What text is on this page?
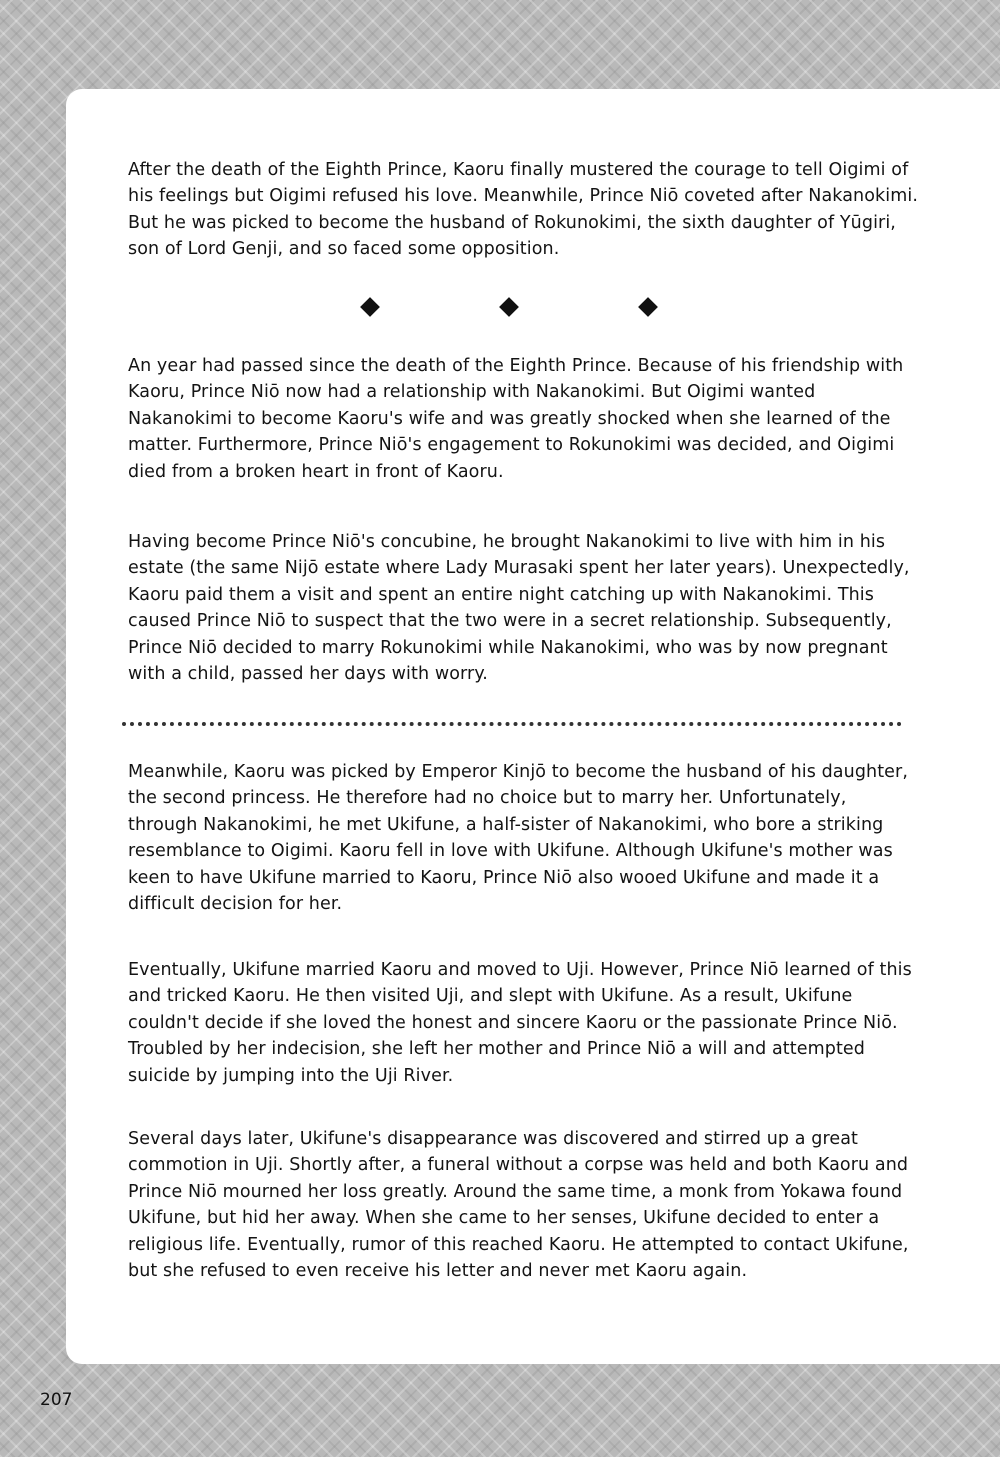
After the death of the Eighth Prince, Kaoru finally mustered the courage to tell Oigimi of his feelings but Oigimi refused his love. Meanwhile, Prince Niō coveted after Nakanokimi. But he was picked to become the husband of Rokunokimi, the sixth daughter of Yūgiri, son of Lord Genji, and so faced some opposition.

An year had passed since the death of the Eighth Prince. Because of his friendship with Kaoru, Prince Niō now had a relationship with Nakanokimi. But Oigimi wanted Nakanokimi to become Kaoru's wife and was greatly shocked when she learned of the matter. Furthermore, Prince Niō's engagement to Rokunokimi was decided, and Oigimi died from a broken heart in front of Kaoru.

Having become Prince Niō's concubine, he brought Nakanokimi to live with him in his estate (the same Nijō estate where Lady Murasaki spent her later years). Unexpectedly, Kaoru paid them a visit and spent an entire night catching up with Nakanokimi. This caused Prince Niō to suspect that the two were in a secret relationship. Subsequently, Prince Niō decided to marry Rokunokimi while Nakanokimi, who was by now pregnant with a child, passed her days with worry.

Meanwhile, Kaoru was picked by Emperor Kinjō to become the husband of his daughter, the second princess. He therefore had no choice but to marry her. Unfortunately, through Nakanokimi, he met Ukifune, a half-sister of Nakanokimi, who bore a striking resemblance to Oigimi. Kaoru fell in love with Ukifune. Although Ukifune's mother was keen to have Ukifune married to Kaoru, Prince Niō also wooed Ukifune and made it a difficult decision for her.

Eventually, Ukifune married Kaoru and moved to Uji. However, Prince Niō learned of this and tricked Kaoru. He then visited Uji, and slept with Ukifune. As a result, Ukifune couldn't decide if she loved the honest and sincere Kaoru or the passionate Prince Niō. Troubled by her indecision, she left her mother and Prince Niō a will and attempted suicide by jumping into the Uji River.

Several days later, Ukifune's disappearance was discovered and stirred up a great commotion in Uji. Shortly after, a funeral without a corpse was held and both Kaoru and Prince Niō mourned her loss greatly. Around the same time, a monk from Yokawa found Ukifune, but hid her away. When she came to her senses, Ukifune decided to enter a religious life. Eventually, rumor of this reached Kaoru. He attempted to contact Ukifune, but she refused to even receive his letter and never met Kaoru again.

207
